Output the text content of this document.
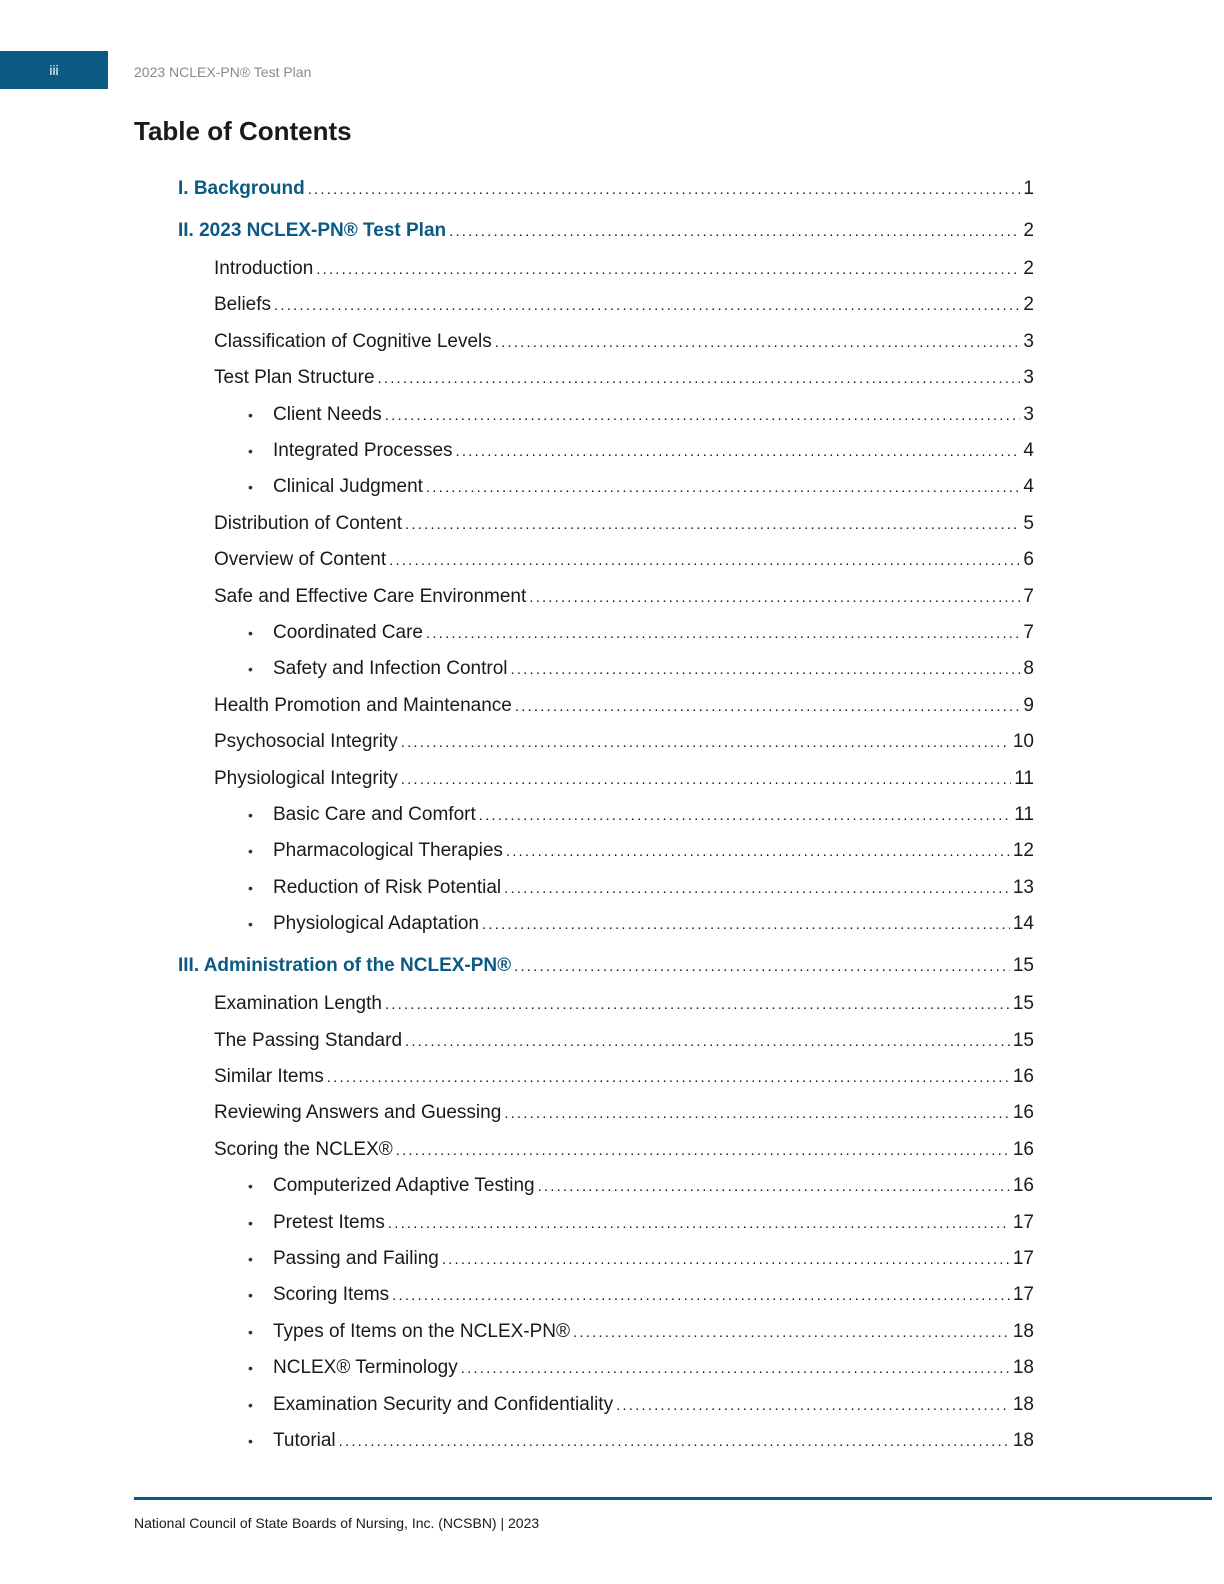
iii	2023 NCLEX-PN® Test Plan
Table of Contents
I. Background . . .	1
II. 2023 NCLEX-PN® Test Plan . . .	2
Introduction . . .	2
Beliefs . . .	2
Classification of Cognitive Levels . . .	3
Test Plan Structure . . .	3
•	Client Needs . . .	3
•	Integrated Processes . . .	4
•	Clinical Judgment . . .	4
Distribution of Content . . .	5
Overview of Content . . .	6
Safe and Effective Care Environment . . .	7
•	Coordinated Care . . .	7
•	Safety and Infection Control . . .	8
Health Promotion and Maintenance . . .	9
Psychosocial Integrity . . .	10
Physiological Integrity . . .	11
•	Basic Care and Comfort . . .	11
•	Pharmacological Therapies . . .	12
•	Reduction of Risk Potential . . .	13
•	Physiological Adaptation . . .	14
III. Administration of the NCLEX-PN® . . .	15
Examination Length . . .	15
The Passing Standard . . .	15
Similar Items . . .	16
Reviewing Answers and Guessing . . .	16
Scoring the NCLEX® . . .	16
•	Computerized Adaptive Testing . . .	16
•	Pretest Items . . .	17
•	Passing and Failing . . .	17
•	Scoring Items . . .	17
•	Types of Items on the NCLEX-PN® . . .	18
•	NCLEX® Terminology . . .	18
•	Examination Security and Confidentiality . . .	18
•	Tutorial . . .	18
National Council of State Boards of Nursing, Inc. (NCSBN) | 2023
